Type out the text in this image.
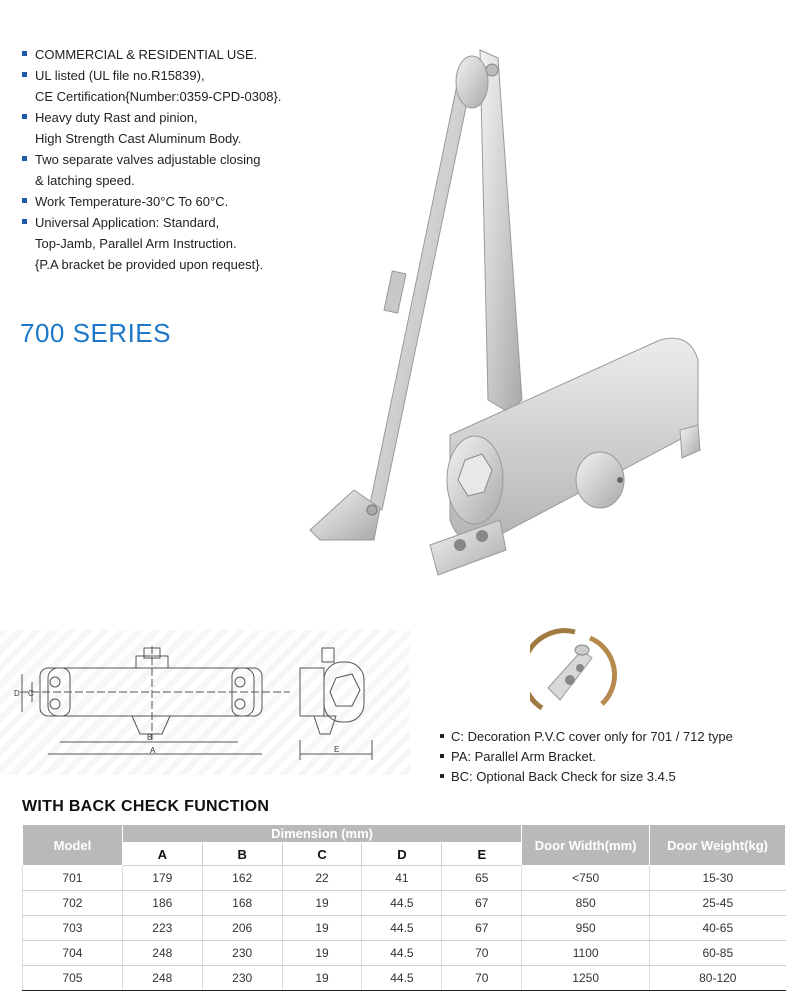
COMMERCIAL & RESIDENTIAL USE.
UL listed (UL file no.R15839),
CE Certification{Number:0359-CPD-0308}.
Heavy duty Rast and pinion,
High Strength Cast Aluminum Body.
Two separate valves adjustable closing
& latching speed.
Work Temperature-30°C To 60°C.
Universal Application: Standard,
Top-Jamb, Parallel Arm Instruction.
{P.A bracket be provided upon request}.
700 SERIES
B
A
D C
E
C: Decoration P.V.C cover only for 701 / 712 type
PA: Parallel Arm Bracket.
BC: Optional Back Check for size 3.4.5
WITH BACK CHECK FUNCTION
Model	Dimension (mm)					Door Width(mm)	Door Weight(kg)
	A	B	C	D	E		
701	179	162	22	41	65	<750	15-30
702	186	168	19	44.5	67	850	25-45
703	223	206	19	44.5	67	950	40-65
704	248	230	19	44.5	70	1100	60-85
705	248	230	19	44.5	70	1250	80-120
